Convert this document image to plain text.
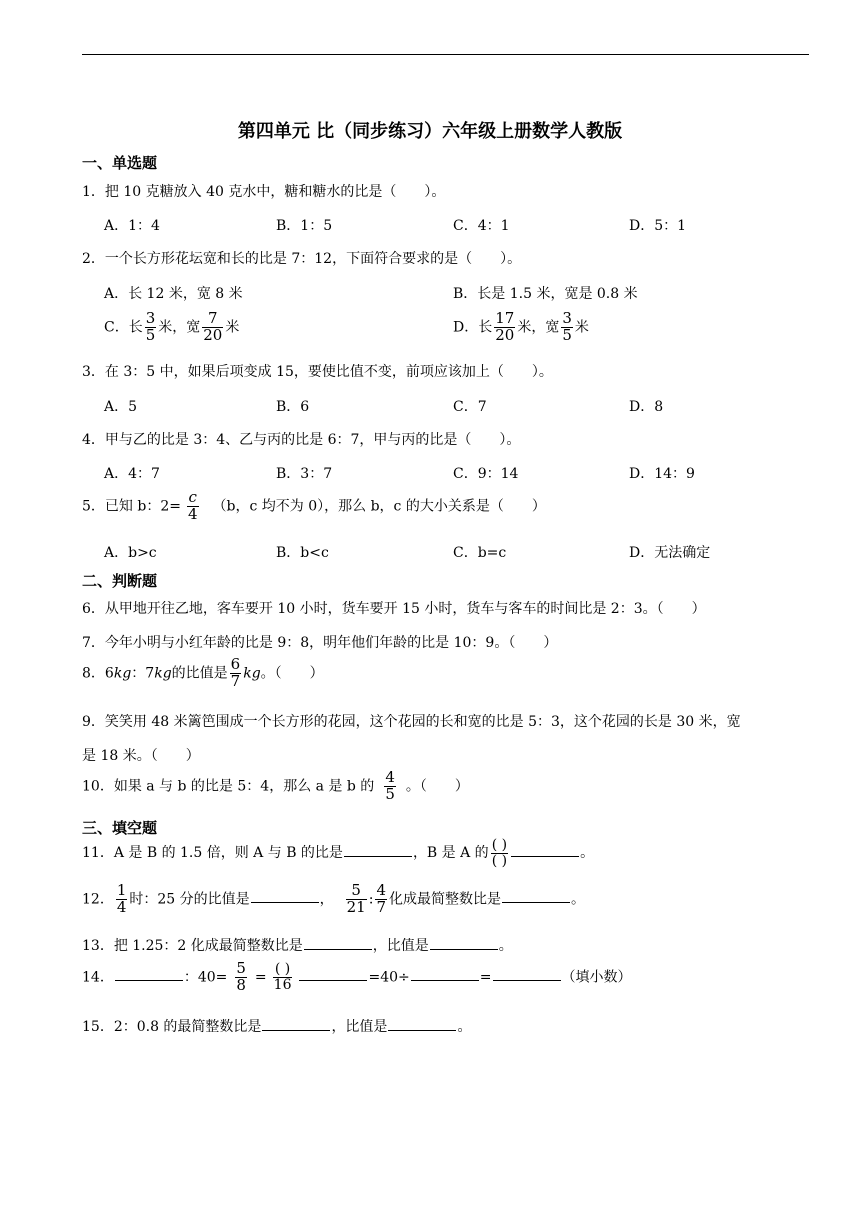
第四单元 比（同步练习）六年级上册数学人教版
一、单选题
1．把 10 克糖放入 40 克水中，糖和糖水的比是（　　）。
A．1：4	B．1：5	C．4：1	D．5：1
2．一个长方形花坛宽和长的比是 7：12，下面符合要求的是（　　）。
A．长 12 米，宽 8 米	B．长是 1.5 米，宽是 0.8 米
C．长 $\frac{3}{5}$ 米，宽 $\frac{7}{20}$ 米	D．长 $\frac{17}{20}$ 米，宽 $\frac{3}{5}$ 米
3．在 3：5 中，如果后项变成 15，要使比值不变，前项应该加上（　　）。
A．5	B．6	C．7	D．8
4．甲与乙的比是 3：4、乙与丙的比是 6：7，甲与丙的比是（　　）。
A．4：7	B．3：7	C．9：14	D．14：9
5．已知 b：$2= \frac{c}{4} (b$，c 均不为 0），那么 b，c 的大小关系是（　　）
A．b>c	B．b<c	C．b=c	D．无法确定
二、判断题
6．从甲地开往乙地，客车要开 10 小时，货车要开 15 小时，货车与客车的时间比是 2：3。（　　）
7．今年小明与小红年龄的比是 9：8，明年他们年龄的比是 10：9。（　　）
8．6kg：7kg的比值是 $\frac{6}{7}$ kg。（　　）
9．笑笑用 48 米篱笆围成一个长方形的花园，这个花园的长和宽的比是 5：3，这个花园的长是 30 米，宽
是 18 米。（　　）
10．如果 a 与 b 的比是 5：4，那么 a 是 b 的 $\frac{4}{5}$ 。（　　）
三、填空题
11．A 是 B 的 1.5 倍，则 A 与 B 的比是	，B 是 A 的 $\frac{( )}{( )}$	。
12． $\frac{1}{4}$ 时：25 分的比值是	， $\frac{5}{21}$ : $\frac{4}{7}$ 化成最简整数比是	。
13．把 1.25：2 化成最简整数比是	，比值是	。
14．	：$40= \frac{5}{8} = \frac{( )}{16}$	=40÷	=	（填小数）
15．2：0.8 的最简整数比是	，比值是	。
